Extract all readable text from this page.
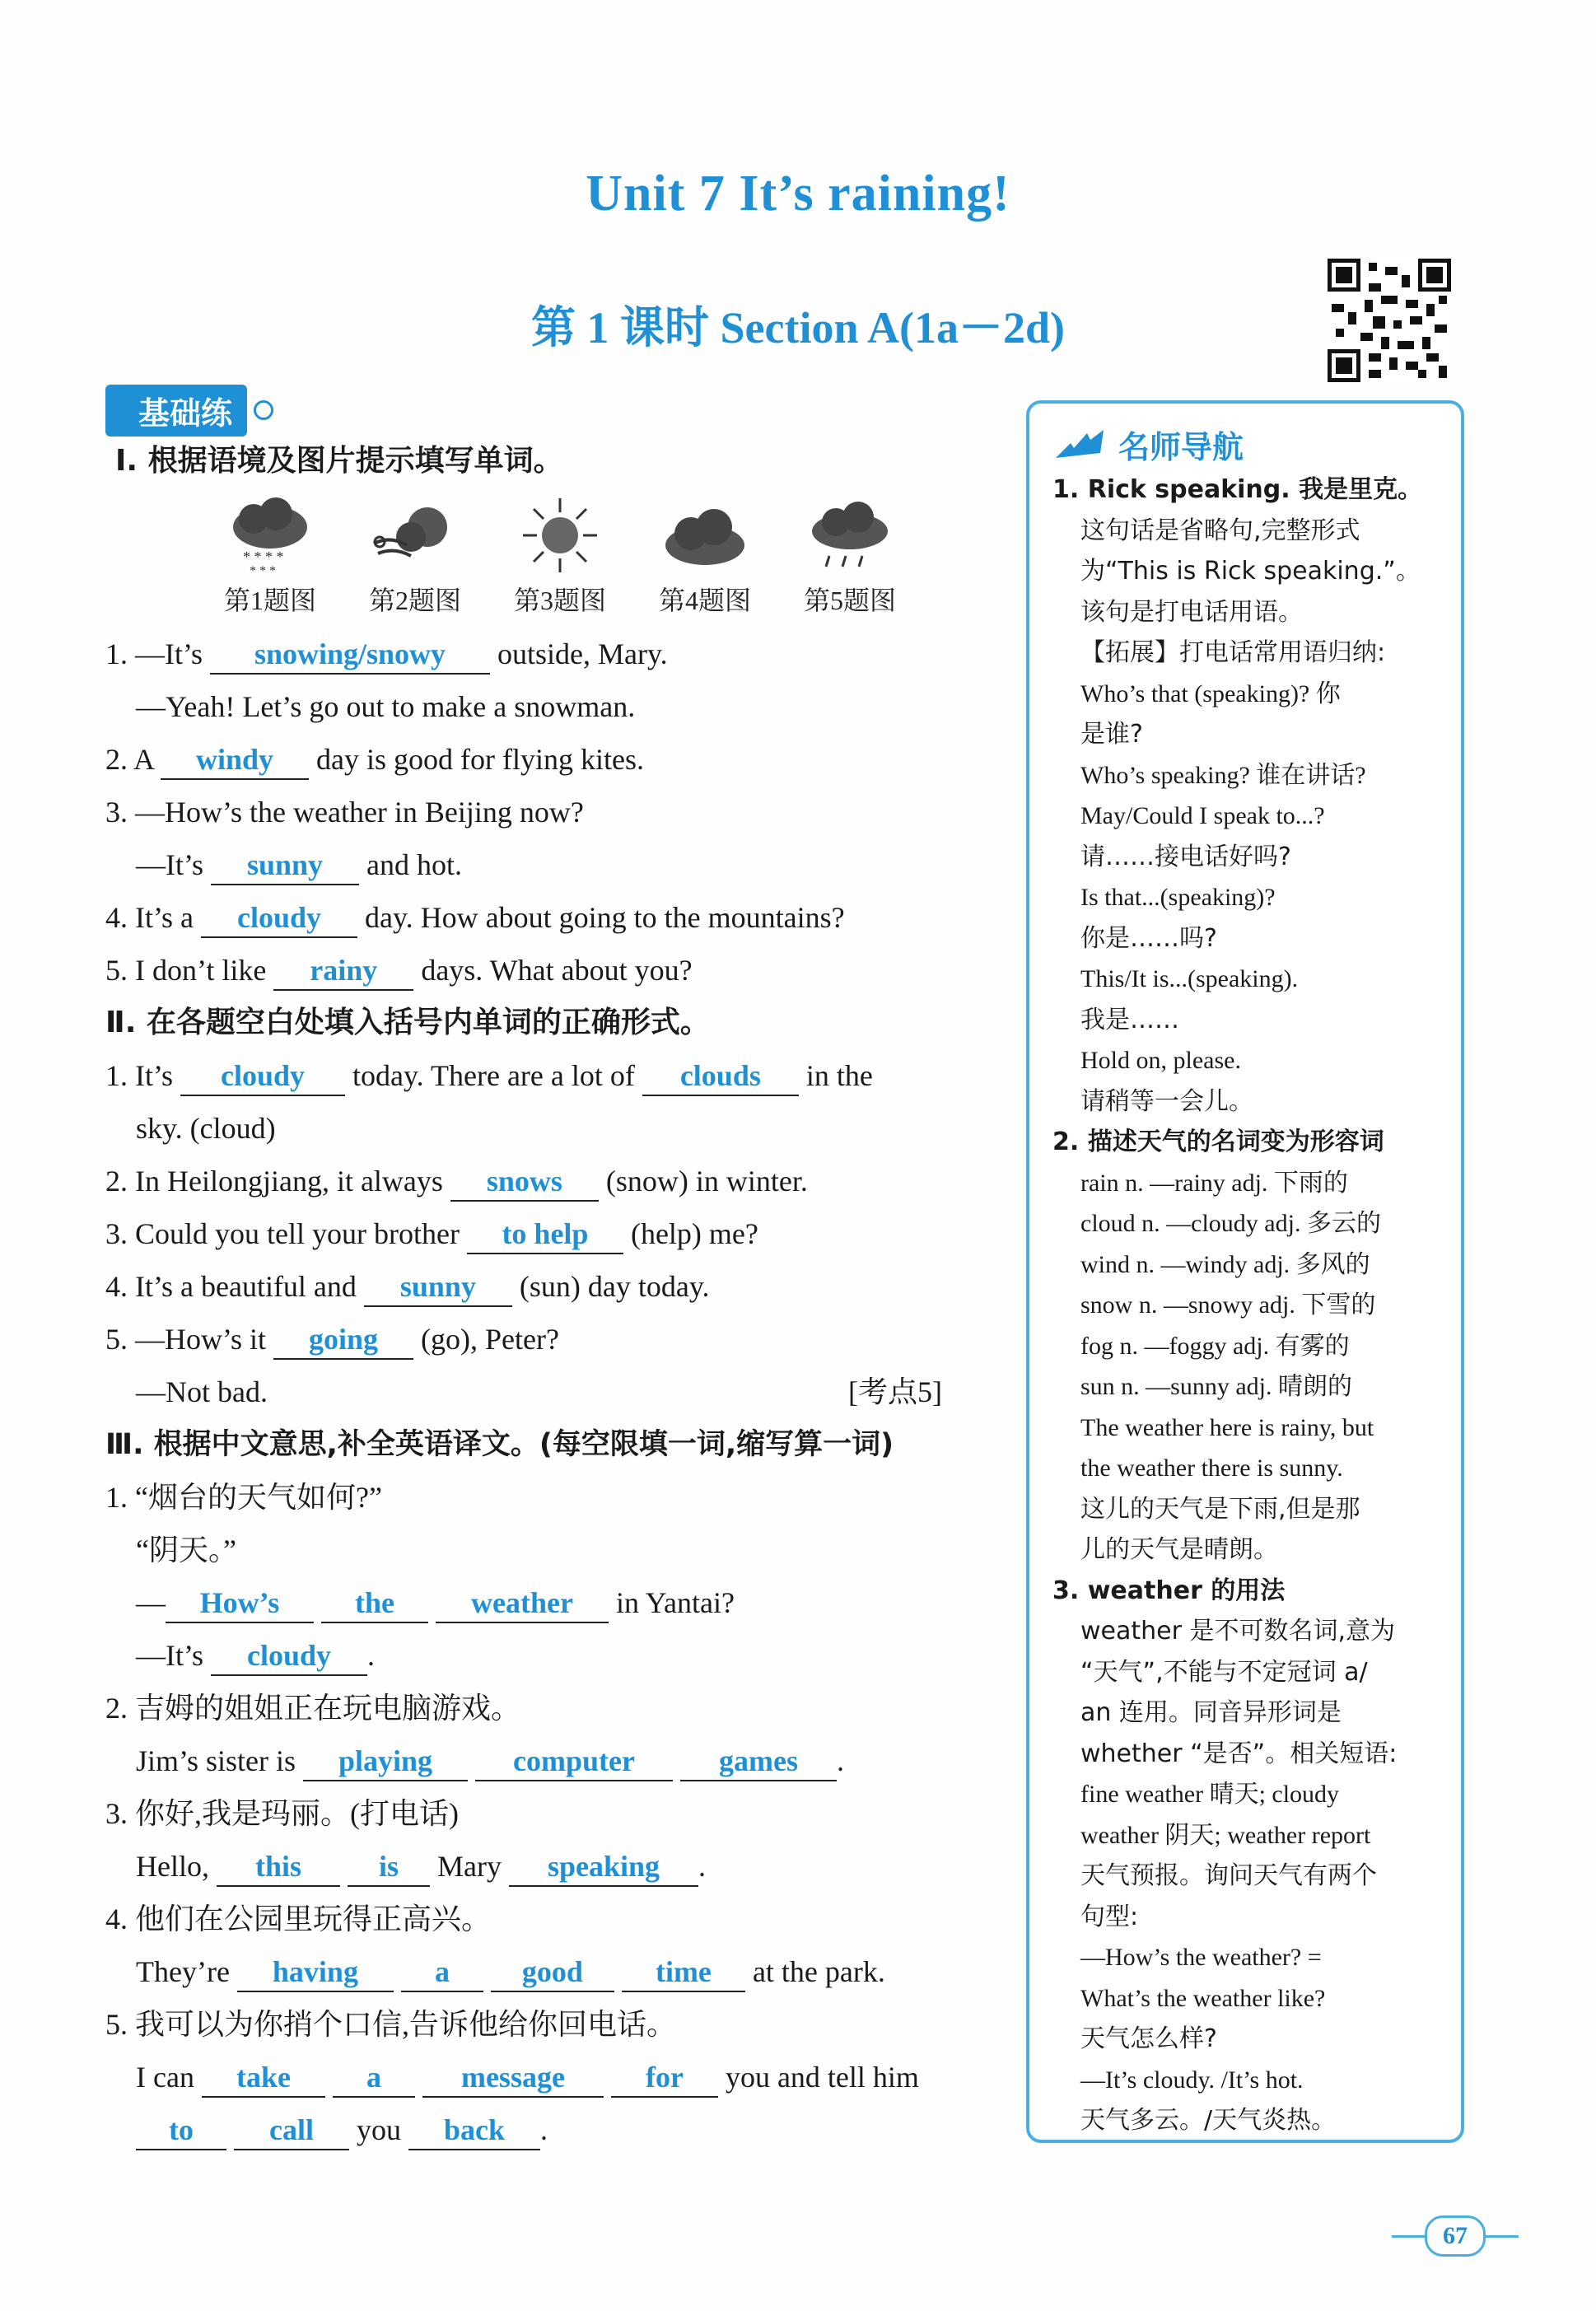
Unit 7 It’s raining!
第 1 课时 Section A(1a－2d)
基础练
Ⅰ. 根据语境及图片提示填写单词。
* * * *
* * *
第1题图	第2题图	第3题图	第4题图	第5题图
1. —It’s snowing/snowy outside, Mary.
—Yeah! Let’s go out to make a snowman.
2. A windy day is good for flying kites.
3. —How’s the weather in Beijing now?
—It’s sunny and hot.
4. It’s a cloudy day. How about going to the mountains?
5. I don’t like rainy days. What about you?
Ⅱ. 在各题空白处填入括号内单词的正确形式。
1. It’s cloudy today. There are a lot of clouds in the
sky. (cloud)
2. In Heilongjiang, it always snows (snow) in winter.
3. Could you tell your brother to help (help) me?
4. It’s a beautiful and sunny (sun) day today.
5. —How’s it going (go), Peter?
—Not bad.	[考点5]
Ⅲ. 根据中文意思,补全英语译文。(每空限填一词,缩写算一词)
1. “烟台的天气如何?”
“阴天。”
— How’s	the	weather in Yantai?
—It’s cloudy .
2. 吉姆的姐姐正在玩电脑游戏。
Jim’s sister is playing	computer	games .
3. 你好,我是玛丽。(打电话)
Hello, this	is Mary speaking .
4. 他们在公园里玩得正高兴。
They’re having	a good time at the park.
5. 我可以为你捎个口信,告诉他给你回电话。
I can take	a	message	for you and tell him
to	call you back .
名师导航
1. Rick speaking. 我是里克。
这句话是省略句,完整形式
为“This is Rick speaking.”。
该句是打电话用语。
【拓展】打电话常用语归纳:
Who’s that (speaking)? 你
是谁?
Who’s speaking? 谁在讲话?
May/Could I speak to...?
请……接电话好吗?
Is that...(speaking)?
你是……吗?
This/It is...(speaking).
我是……
Hold on, please.
请稍等一会儿。
2. 描述天气的名词变为形容词
rain n. —rainy adj. 下雨的
cloud n. —cloudy adj. 多云的
wind n. —windy adj. 多风的
snow n. —snowy adj. 下雪的
fog n. —foggy adj. 有雾的
sun n. —sunny adj. 晴朗的
The weather here is rainy, but
the weather there is sunny.
这儿的天气是下雨,但是那
儿的天气是晴朗。
3. weather 的用法
weather 是不可数名词,意为
“天气”,不能与不定冠词 a/
an 连用。同音异形词是
whether “是否”。相关短语:
fine weather 晴天; cloudy
weather 阴天; weather report
天气预报。询问天气有两个
句型:
—How’s the weather? =
What’s the weather like?
天气怎么样?
—It’s cloudy. /It’s hot.
天气多云。/天气炎热。
67
